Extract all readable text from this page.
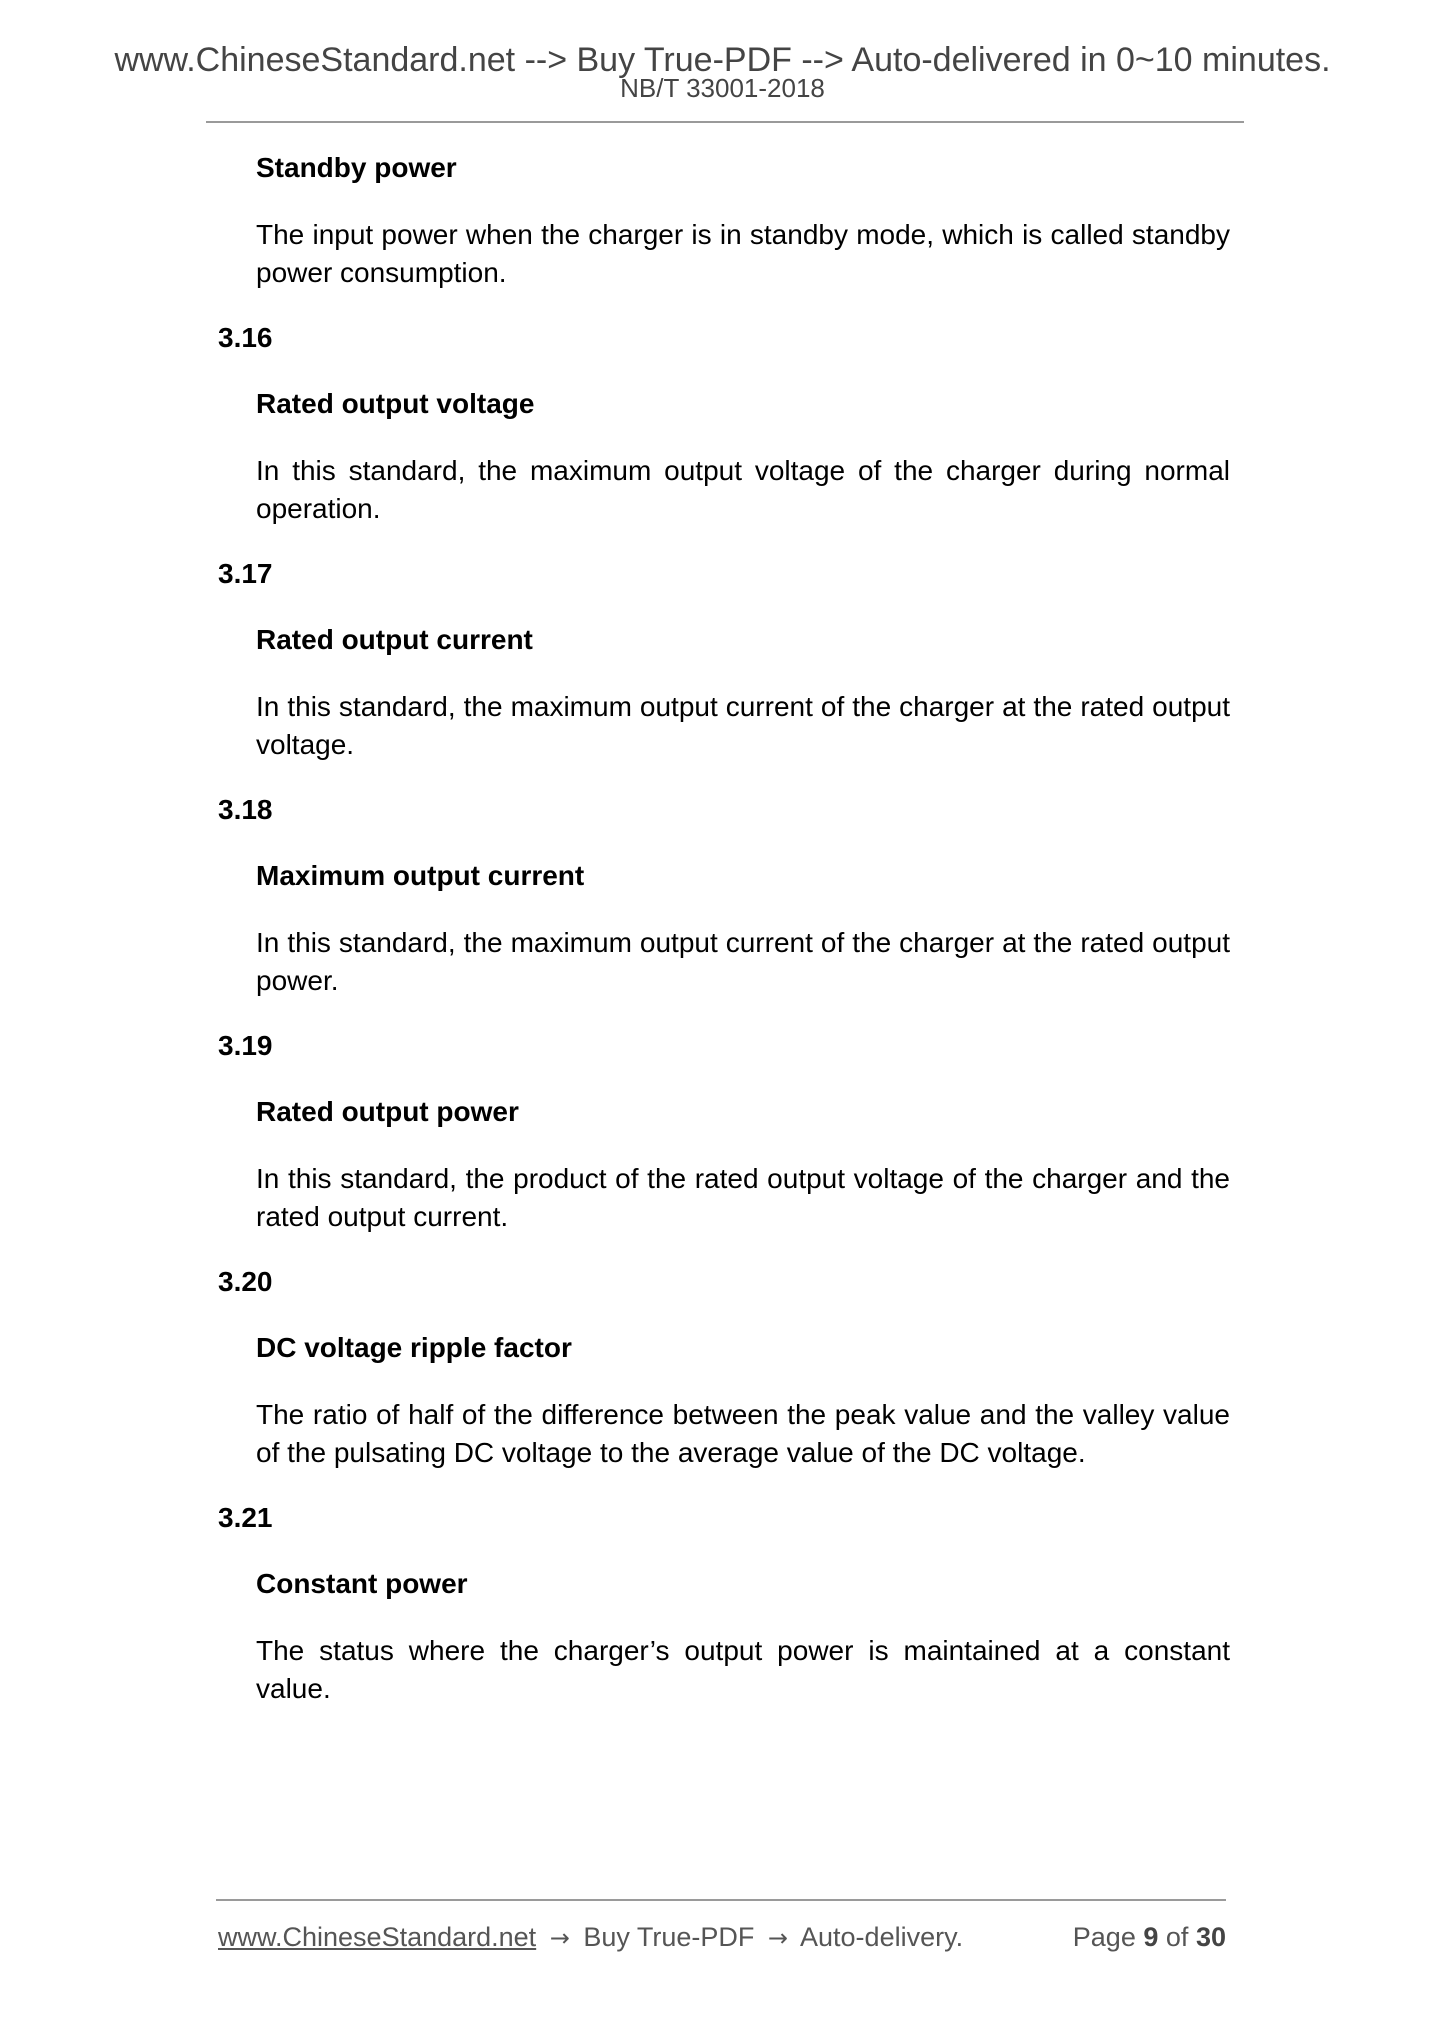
www.ChineseStandard.net --> Buy True-PDF --> Auto-delivered in 0~10 minutes.
NB/T 33001-2018

Standby power

The input power when the charger is in standby mode, which is called standby power consumption.

3.16

Rated output voltage

In this standard, the maximum output voltage of the charger during normal operation.

3.17

Rated output current

In this standard, the maximum output current of the charger at the rated output voltage.

3.18

Maximum output current

In this standard, the maximum output current of the charger at the rated output power.

3.19

Rated output power

In this standard, the product of the rated output voltage of the charger and the rated output current.

3.20

DC voltage ripple factor

The ratio of half of the difference between the peak value and the valley value of the pulsating DC voltage to the average value of the DC voltage.

3.21

Constant power

The status where the charger’s output power is maintained at a constant value.

www.ChineseStandard.net → Buy True-PDF → Auto-delivery.	Page 9 of 30
